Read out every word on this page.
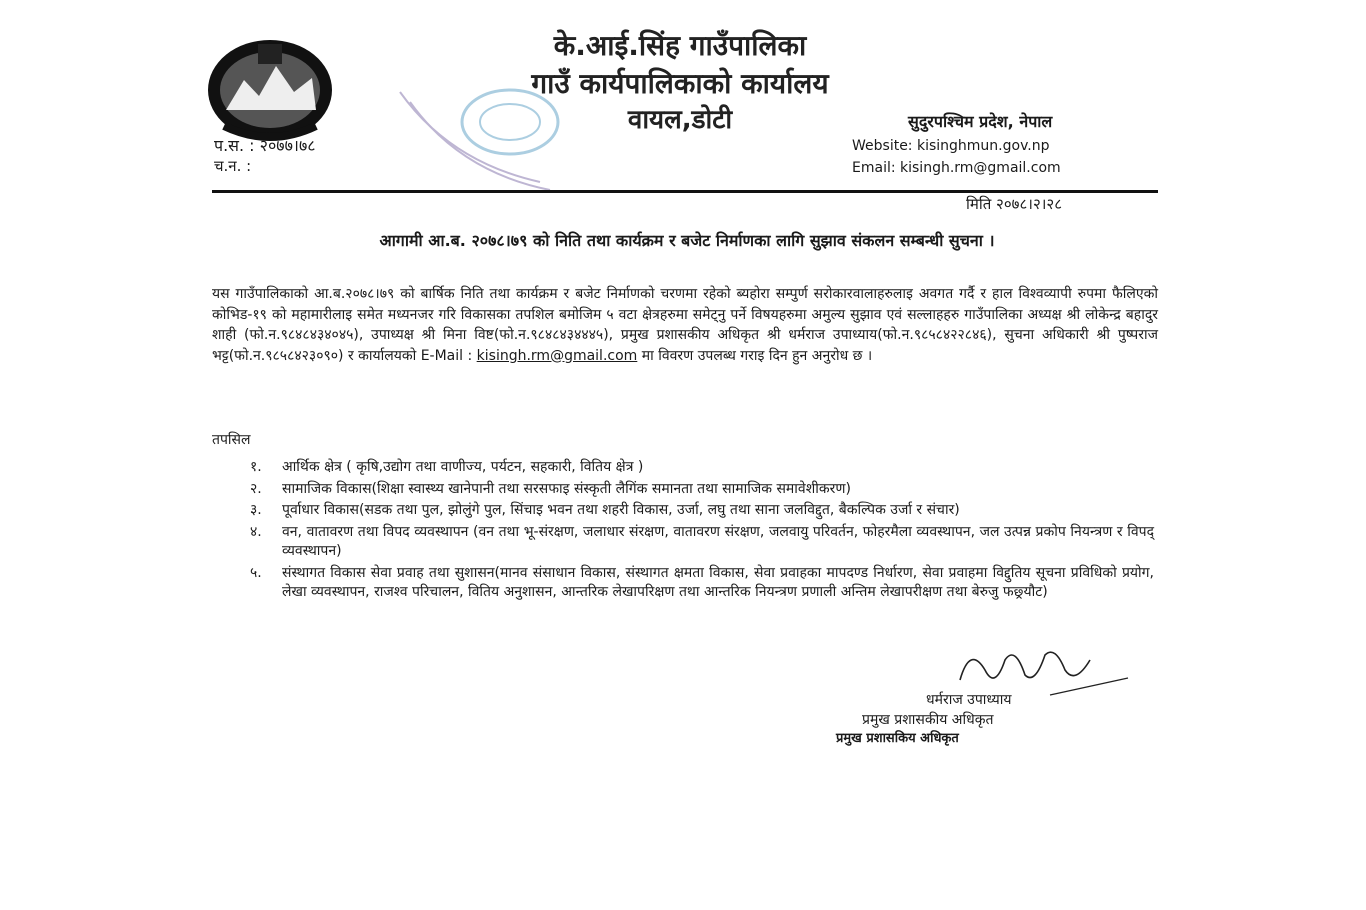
के.आई.सिंह गाउँपालिका
गाउँ कार्यपालिकाको कार्यालय
वायल,डोटी	सुदुरपश्चिम प्रदेश, नेपाल
प.स. : २०७७।७८
च.न. :
Website: kisinghmun.gov.np
Email: kisingh.rm@gmail.com
मिति २०७८।२।२८
आगामी आ.ब. २०७८।७९ को निति तथा कार्यक्रम र बजेट निर्माणका लागि सुझाव संकलन सम्बन्धी सुचना ।
यस गाउँपालिकाको आ.ब.२०७८।७९ को बार्षिक निति तथा कार्यक्रम र बजेट निर्माणको चरणमा रहेको ब्यहोरा सम्पुर्ण सरोकारवालाहरुलाइ अवगत गर्दै र हाल विश्वव्यापी रुपमा फैलिएको कोभिड-१९ को महामारीलाइ समेत मध्यनजर गरि विकासका तपशिल बमोजिम ५ वटा क्षेत्रहरुमा समेट्नु पर्ने विषयहरुमा अमुल्य सुझाव एवं सल्लाहहरु गाउँपालिका अध्यक्ष श्री लोकेन्द्र बहादुर शाही (फो.न.९८४८४३४०४५), उपाध्यक्ष श्री मिना विष्ट(फो.न.९८४८४३४४४५), प्रमुख प्रशासकीय अधिकृत श्री धर्मराज उपाध्याय(फो.न.९८५८४२२८४६), सुचना अधिकारी श्री पुष्पराज भट्ट(फो.न.९८५८४२३०९०) र कार्यालयको E-Mail : kisingh.rm@gmail.com मा विवरण उपलब्ध गराइ दिन हुन अनुरोध छ ।
तपसिल
१.	आर्थिक क्षेत्र ( कृषि,उद्योग तथा वाणीज्य, पर्यटन, सहकारी, वितिय क्षेत्र )
२.	सामाजिक विकास(शिक्षा स्वास्थ्य खानेपानी तथा सरसफाइ संस्कृती लैगिंक समानता तथा सामाजिक समावेशीकरण)
३.	पूर्वाधार विकास(सडक तथा पुल, झोलुंगे पुल, सिंचाइ भवन तथा शहरी विकास, उर्जा, लघु तथा साना जलविद्दुत, बैकल्पिक उर्जा र संचार)
४.	वन, वातावरण तथा विपद व्यवस्थापन (वन तथा भू-संरक्षण, जलाधार संरक्षण, वातावरण संरक्षण, जलवायु परिवर्तन, फोहरमैला व्यवस्थापन, जल उत्पन्न प्रकोप नियन्त्रण र विपद् व्यवस्थापन)
५.	संस्थागत विकास सेवा प्रवाह तथा सुशासन(मानव संसाधान विकास, संस्थागत क्षमता विकास, सेवा प्रवाहका मापदण्ड निर्धारण, सेवा प्रवाहमा विद्दुतिय सूचना प्रविधिको प्रयोग, लेखा व्यवस्थापन, राजश्व परिचालन, वितिय अनुशासन, आन्तरिक लेखापरिक्षण तथा आन्तरिक नियन्त्रण प्रणाली अन्तिम लेखापरीक्षण तथा बेरुजु फछ्र्यौट)
धर्मराज उपाध्याय
प्रमुख प्रशासकीय अधिकृत
प्रमुख प्रशासकिय अधिकृत
